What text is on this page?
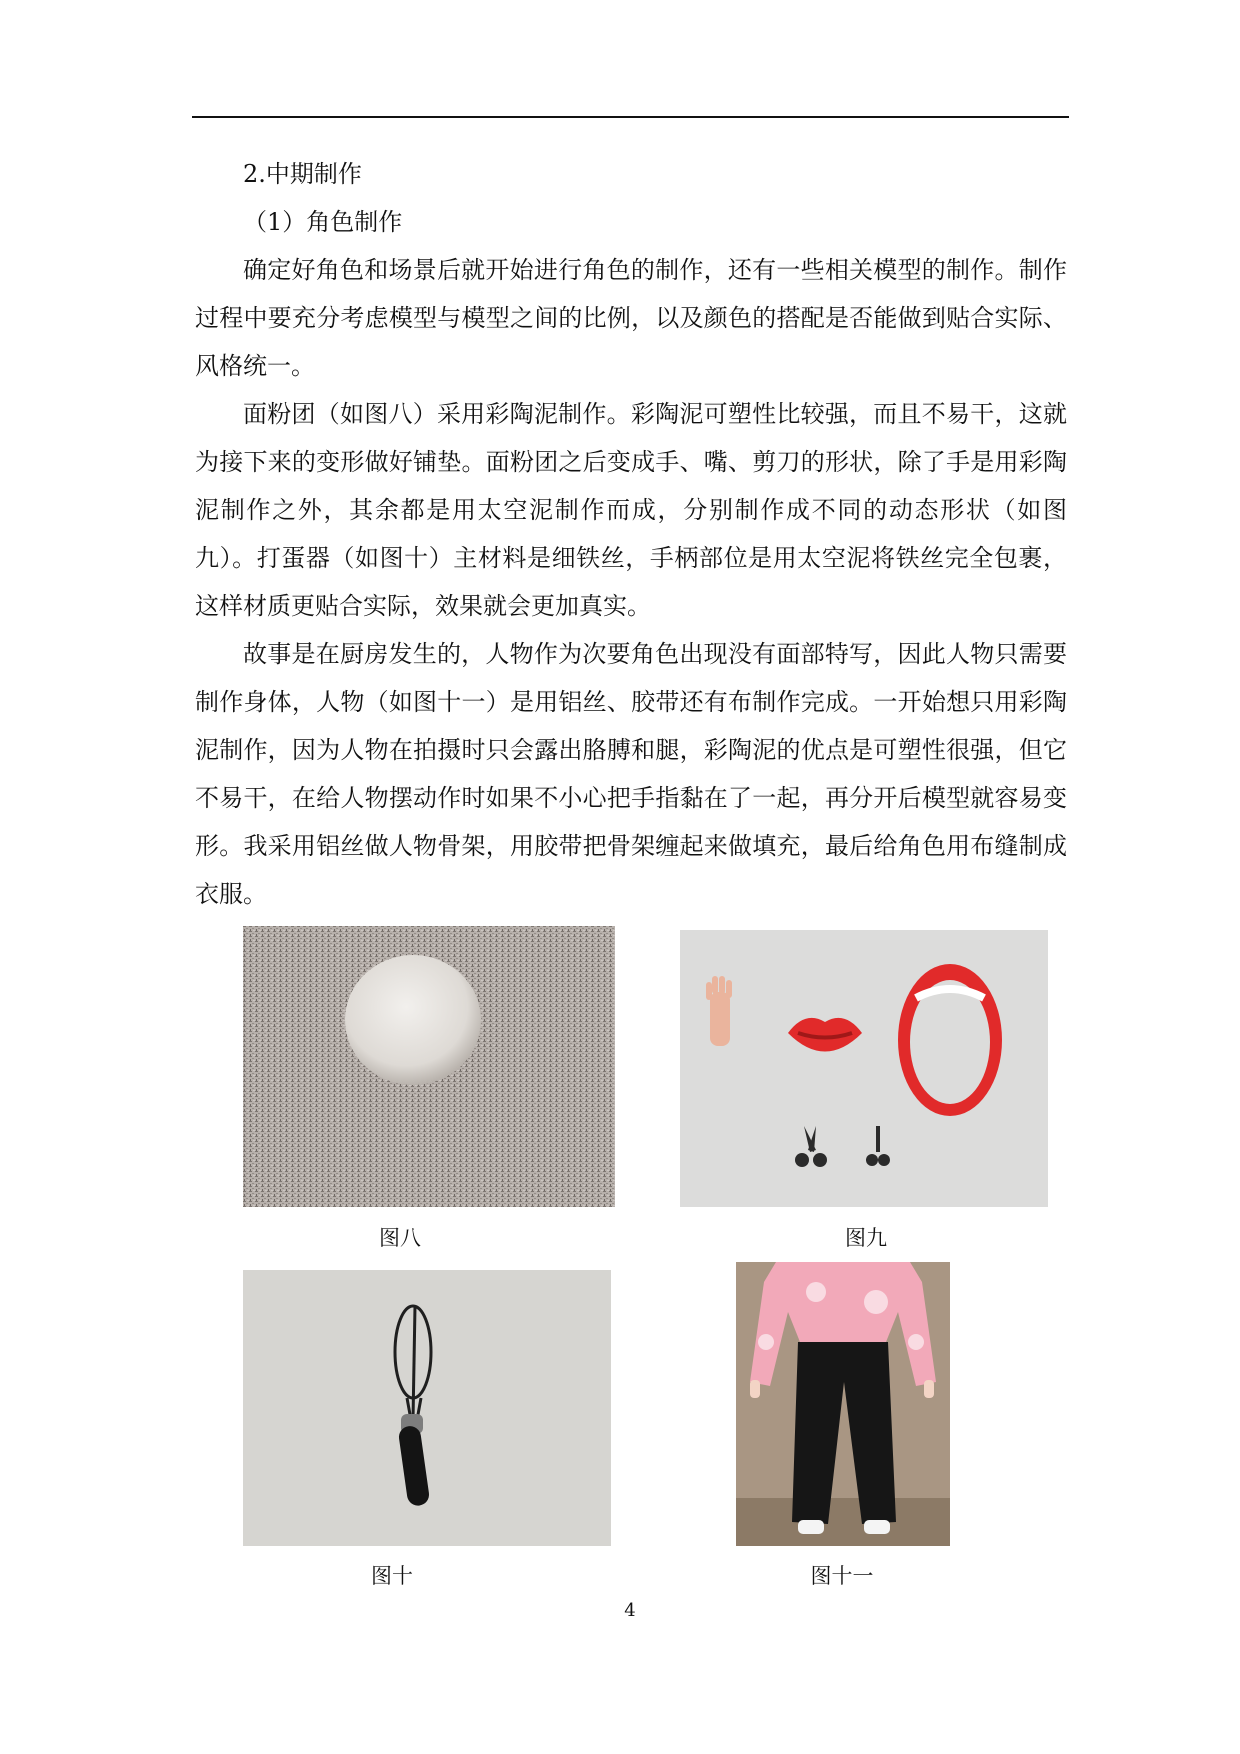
2.中期制作
（1）角色制作
确定好角色和场景后就开始进行角色的制作，还有一些相关模型的制作。制作过程中要充分考虑模型与模型之间的比例，以及颜色的搭配是否能做到贴合实际、风格统一。
面粉团（如图八）采用彩陶泥制作。彩陶泥可塑性比较强，而且不易干，这就为接下来的变形做好铺垫。面粉团之后变成手、嘴、剪刀的形状，除了手是用彩陶泥制作之外，其余都是用太空泥制作而成，分别制作成不同的动态形状（如图九）。打蛋器（如图十）主材料是细铁丝，手柄部位是用太空泥将铁丝完全包裹，这样材质更贴合实际，效果就会更加真实。
故事是在厨房发生的，人物作为次要角色出现没有面部特写，因此人物只需要制作身体，人物（如图十一）是用铝丝、胶带还有布制作完成。一开始想只用彩陶泥制作，因为人物在拍摄时只会露出胳膊和腿，彩陶泥的优点是可塑性很强，但它不易干，在给人物摆动作时如果不小心把手指黏在了一起，再分开后模型就容易变形。我采用铝丝做人物骨架，用胶带把骨架缠起来做填充，最后给角色用布缝制成衣服。
图八	图九
图十	图十一
4
